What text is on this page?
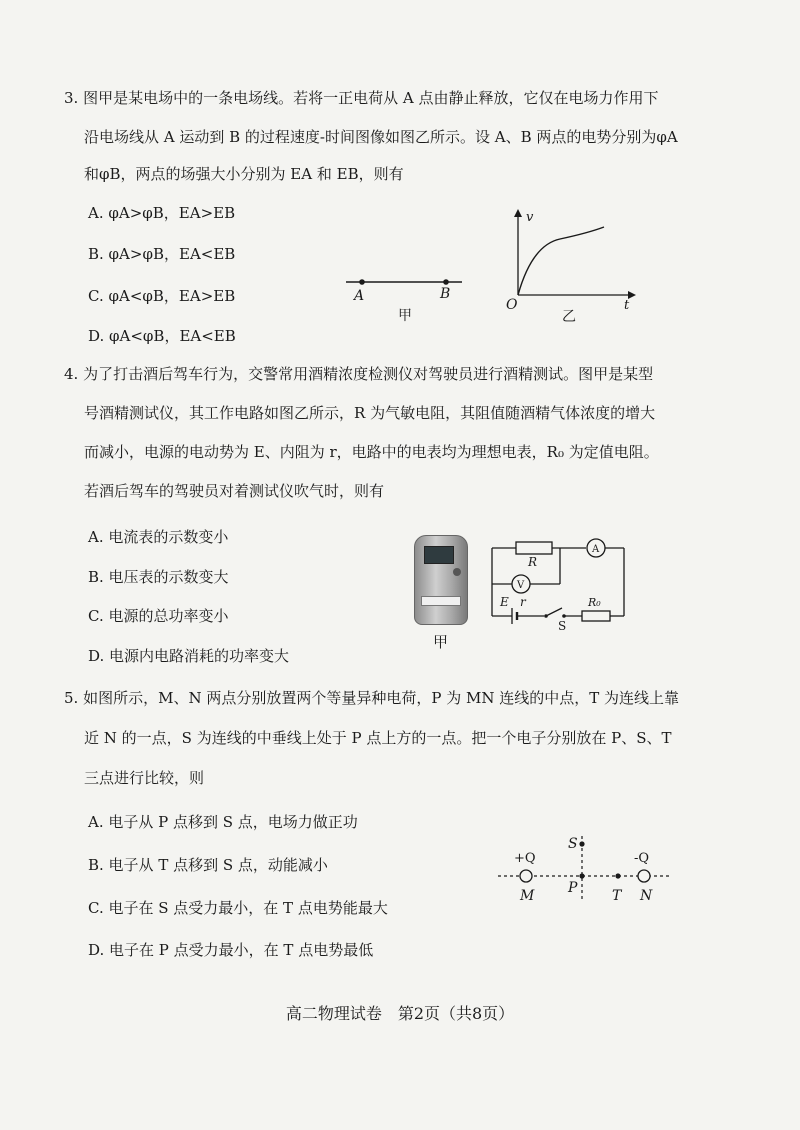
3. 图甲是某电场中的一条电场线。若将一正电荷从 A 点由静止释放，它仅在电场力作用下
沿电场线从 A 运动到 B 的过程速度-时间图像如图乙所示。设 A、B 两点的电势分别为φA
和φB，两点的场强大小分别为 EA 和 EB，则有
A. φA>φB，EA>EB
B. φA>φB，EA<EB
C. φA<φB，EA>EB
D. φA<φB，EA<EB
A	B
甲
v
t
O
乙
4. 为了打击酒后驾车行为，交警常用酒精浓度检测仪对驾驶员进行酒精测试。图甲是某型
号酒精测试仪，其工作电路如图乙所示，R 为气敏电阻，其阻值随酒精气体浓度的增大
而减小，电源的电动势为 E、内阻为 r，电路中的电表均为理想电表，R₀ 为定值电阻。
若酒后驾车的驾驶员对着测试仪吹气时，则有
A. 电流表的示数变小
B. 电压表的示数变大
C. 电源的总功率变小
D. 电源内电路消耗的功率变大
甲
R
A
V
E r	R₀
S
5. 如图所示，M、N 两点分别放置两个等量异种电荷，P 为 MN 连线的中点，T 为连线上靠
近 N 的一点，S 为连线的中垂线上处于 P 点上方的一点。把一个电子分别放在 P、S、T
三点进行比较，则
A. 电子从 P 点移到 S 点，电场力做正功
B. 电子从 T 点移到 S 点，动能减小
C. 电子在 S 点受力最小，在 T 点电势能最大
D. 电子在 P 点受力最小，在 T 点电势最低
+Q	-Q
M	N
P T
S
高二物理试卷　第2页（共8页）
